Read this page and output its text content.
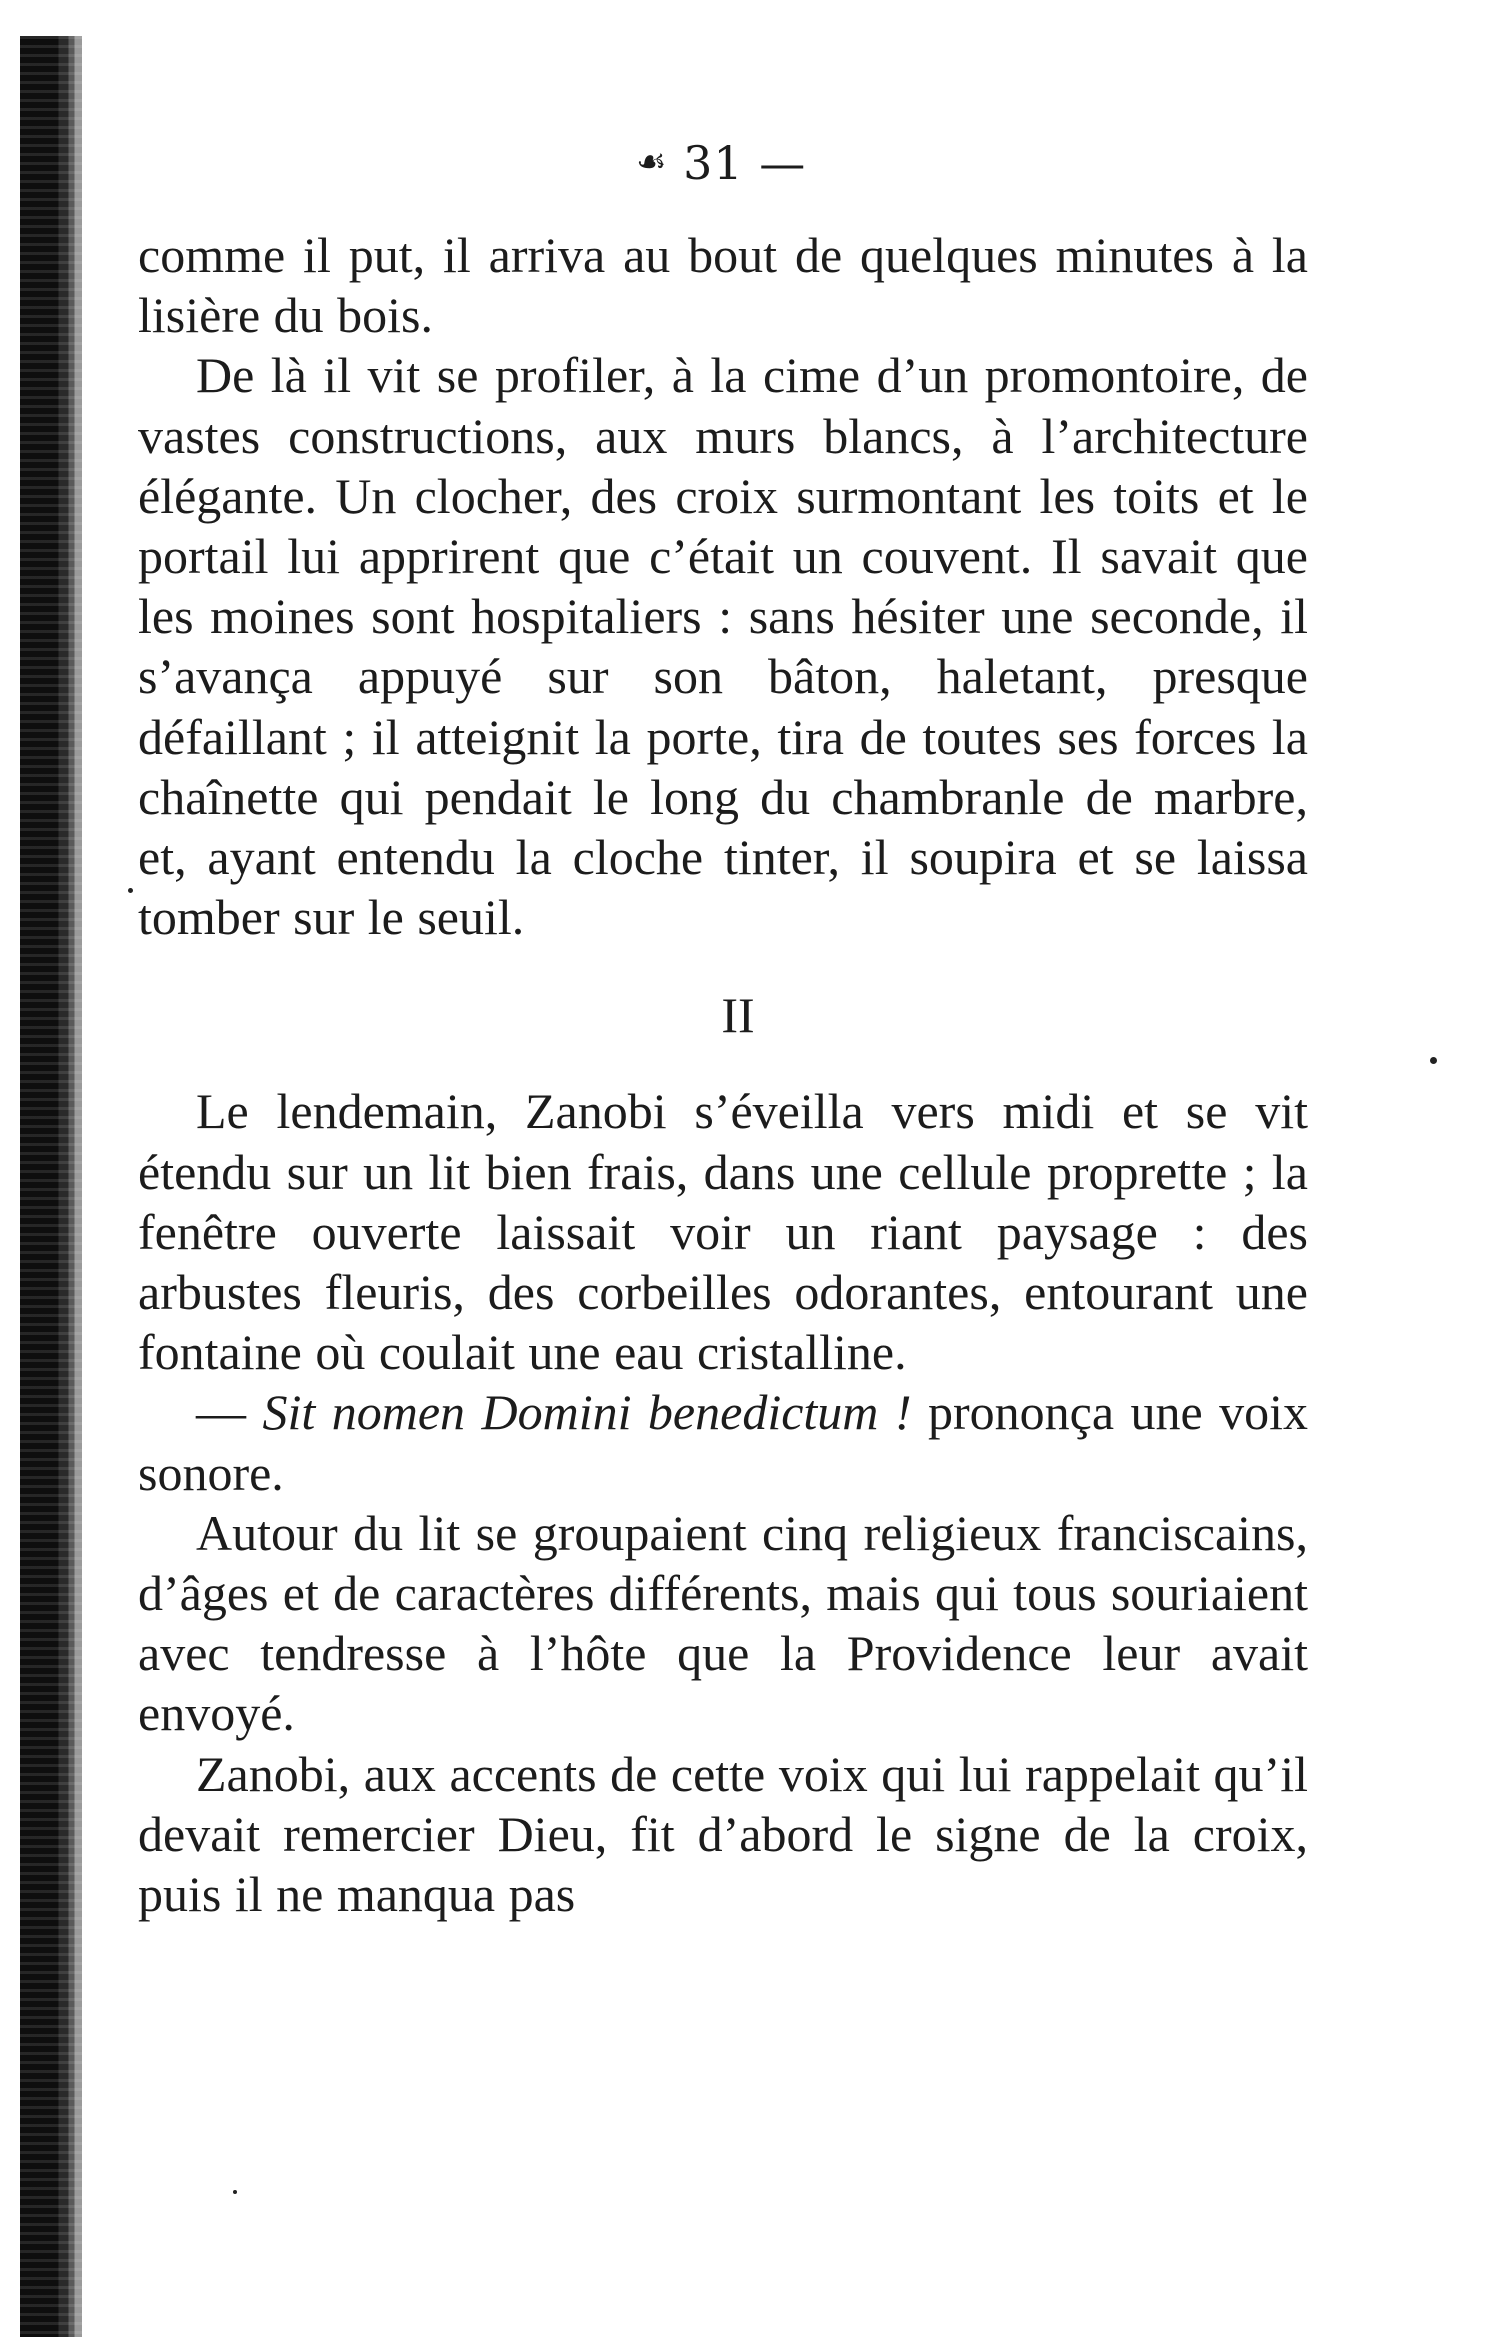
☙ 31 —

comme il put, il arriva au bout de quelques minutes à la lisière du bois.

De là il vit se profiler, à la cime d’un promontoire, de vastes constructions, aux murs blancs, à l’architecture élégante. Un clocher, des croix surmontant les toits et le portail lui apprirent que c’était un couvent. Il savait que les moines sont hospitaliers : sans hésiter une seconde, il s’avança appuyé sur son bâton, haletant, presque défaillant ; il atteignit la porte, tira de toutes ses forces la chaînette qui pendait le long du chambranle de marbre, et, ayant entendu la cloche tinter, il soupira et se laissa tomber sur le seuil.

II

Le lendemain, Zanobi s’éveilla vers midi et se vit étendu sur un lit bien frais, dans une cellule proprette ; la fenêtre ouverte laissait voir un riant paysage : des arbustes fleuris, des corbeilles odorantes, entourant une fontaine où coulait une eau cristalline.

— Sit nomen Domini benedictum ! prononça une voix sonore.

Autour du lit se groupaient cinq religieux franciscains, d’âges et de caractères différents, mais qui tous souriaient avec tendresse à l’hôte que la Providence leur avait envoyé.

Zanobi, aux accents de cette voix qui lui rappelait qu’il devait remercier Dieu, fit d’abord le signe de la croix, puis il ne manqua pas
